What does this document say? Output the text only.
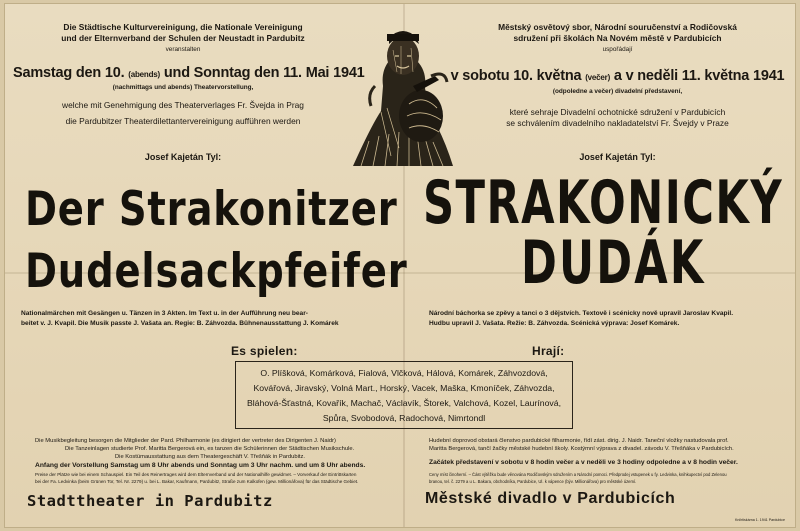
Die Städtische Kulturvereinigung, die Nationale Vereinigung
und der Elternverband der Schulen der Neustadt in Pardubitz
veranstalten
Samstag den 10. (abends) und Sonntag den 11. Mai 1941
(nachmittags und abends) Theatervorstellung,
welche mit Genehmigung des Theaterverlages Fr. Švejda in Prag
die Pardubitzer Theaterdilettantervereinigung aufführen werden
Josef Kajetán Tyl:
Městský osvětový sbor, Národní souručenství a Rodičovská
sdružení při školách Na Novém městě v Pardubicích
uspořádají
v sobotu 10. května (večer) a v neděli 11. května 1941
(odpoledne a večer) divadelní představení,
které sehraje Divadelní ochotnické sdružení v Pardubicích
se schválením divadelního nakladatelství Fr. Švejdy v Praze
Josef Kajetán Tyl:
Der Strakonitzer
Dudelsackpfeifer
STRAKONICKÝ
DUDÁK
Nationalmärchen mit Gesängen u. Tänzen in 3 Akten. Im Text u. in der Aufführung neu bear-
beitet v. J. Kvapil. Die Musik passte J. Vašata an. Regie: B. Záhvozda. Bühnenausstattung J. Komárek
Národní báchorka se zpěvy a tanci o 3 dějstvích. Textově i scénicky nově upravil Jaroslav Kvapil.
Hudbu upravil J. Vašata. Režie: B. Záhvozda. Scénická výprava: Josef Komárek.
Es spielen:	Hrají:
O. Plíšková, Komárková, Fialová, Vlčková, Hálová, Komárek, Záhvozdová,
Kovářová, Jiravský, Volná Mart., Horský, Vacek, Maška, Kmoníček, Záhvozda,
Bláhová-Šťastná, Kovařík, Machač, Václavík, Štorek, Valchová, Kozel, Laurínová,
Spůra, Svobodová, Radochová, Nimrtondl
Die Musikbegleitung besorgen die Mitglieder der Pard. Philharmonie (es dirigiert der vertreter des Dirigenten J. Naidr)
Die Tanzeinlagen studierte Prof. Maritta Bergerová ein, es tanzen die Schülerinnen der Städtischen Musikschule.
Die Kostümausstattung aus dem Theatergeschäft V. Třešňák in Pardubitz.
Anfang der Vorstellung Samstag um 8 Uhr abends und Sonntag um 3 Uhr nachm. und um 8 Uhr abends.
Preise der Plätze wie bei einem Schauspiel. Ein Teil des Reinertrages wird dem Elternverband und der Nationalhilfe gewidmet. – Vorverkauf der Eintrittskarten
bei der Fa. Ledvinka (beim Grünen Tor, Tel. Nr. 2279) u. bei L. Bakar, Kaufmann, Pardubitz, Straße zum Kalkofen (gew. Millionářova) für das Städtische Gebiet.
Hudební doprovod obstará členstvo pardubické filharmonie, řídí zást. dirig. J. Naidr. Taneční vložky nastudovala prof.
Maritta Bergerová, tančí žačky městské hudební školy. Kostýmní výprava z divadel. závodu V. Třešňáka v Pardubicích.
Začátek představení v sobotu v 8 hodin večer a v neděli ve 3 hodiny odpoledne a v 8 hodin večer.
Ceny míst činoherní. – Část výtěžku bude věnována Rodičovským sdružením a Národní pomoci. Předprodej vstupenek u fy. Ledvinka, knihkupectví pod Zelenou
branou, tel. č. 2279 a u L. Bakara, obchodníka, Pardubice, Ul. k vápence (býv. Millionářova) pro městské území.
Stadttheater in Pardubitz	Městské divadlo v Pardubicích
Knihtiskárna 1. 1941 Pardubice
